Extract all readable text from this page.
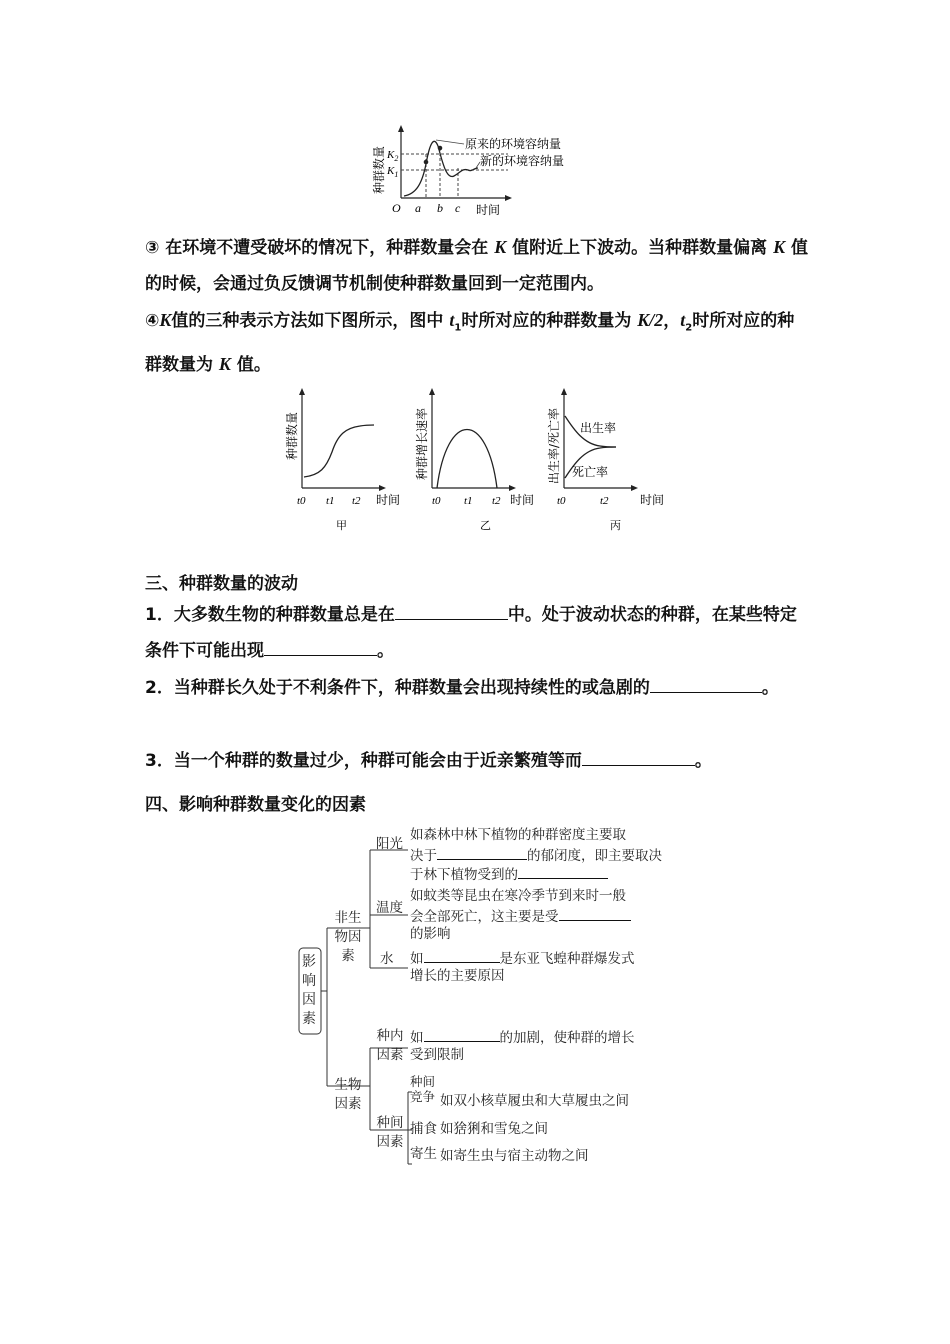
种群数量 $K_2$
$K_1$
O a b c 时间
原来的环境容纳量
新的环境容纳量
③ 在环境不遭受破坏的情况下，种群数量会在 K 值附近上下波动。当种群数量偏离 K 值的时候，会通过负反馈调节机制使种群数量回到一定范围内。
④K值的三种表示方法如下图所示，图中 $t_1$时所对应的种群数量为 K/2，$t_2$时所对应的种群数量为 K 值。
种群数量
t0 t1 t2 时间
甲
种群增长速率
t0 t1 t2 时间
乙
出生率/死亡率 出生率
死亡率
t0	t2	时间
丙
三、种群数量的波动
1．大多数生物的种群数量总是在	中。处于波动状态的种群，在某些特定条件下可能出现	。
2．当种群长久处于不利条件下，种群数量会出现持续性的或急剧的	。
3．当一个种群的数量过少，种群可能会由于近亲繁殖等而	。
四、影响种群数量变化的因素
影响因素
非生物因素
阳光
如森林中林下植物的种群密度主要取
决于	的郁闭度，即主要取决
于林下植物受到的
温度
如蚊类等昆虫在寒冷季节到来时一般
会全部死亡，这主要是受
的影响
水 如	是东亚飞蝗种群爆发式
增长的主要原因
生物因素
种内因素
如	的加剧，使种群的增长
受到限制
种间因素
种间竞争 如双小核草履虫和大草履虫之间
捕食 如猞猁和雪兔之间
寄生 如寄生虫与宿主动物之间
